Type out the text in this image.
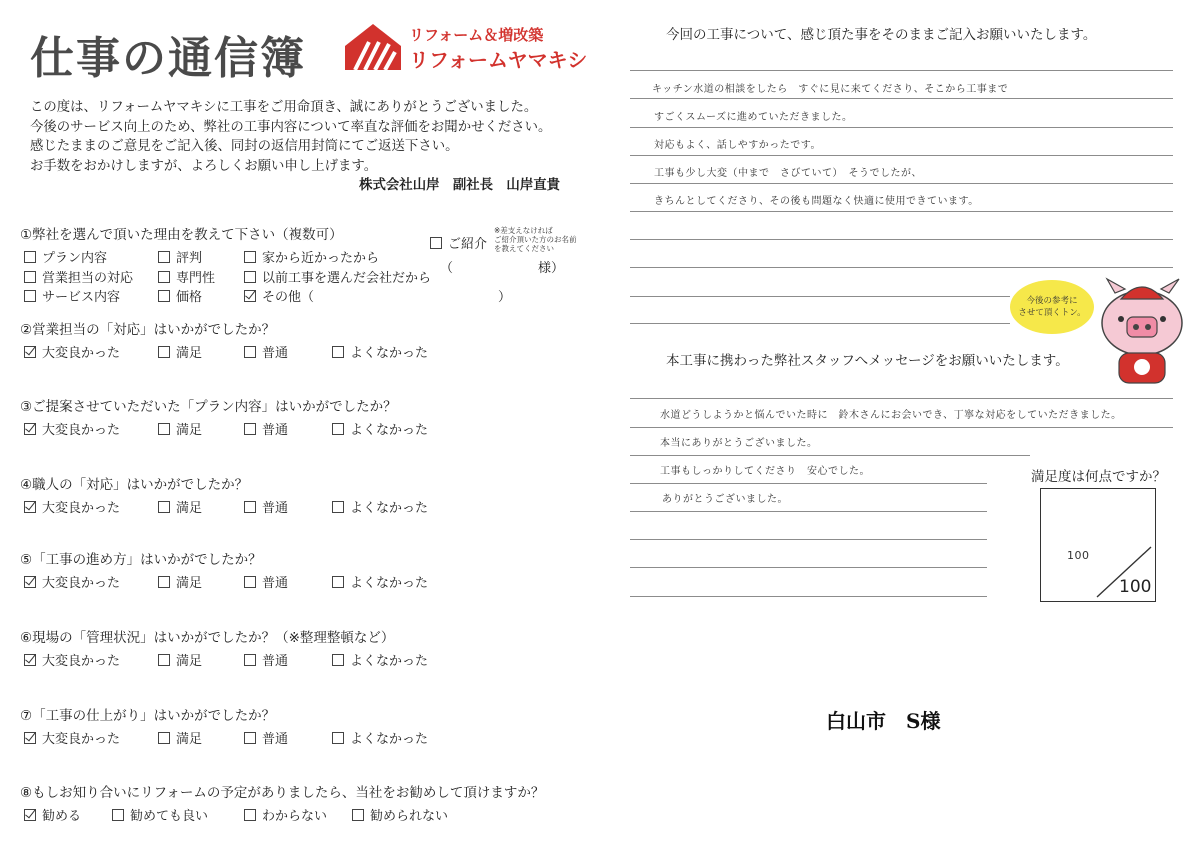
仕事の通信簿	リフォーム＆増改築
リフォームヤマキシ
この度は、リフォームヤマキシに工事をご用命頂き、誠にありがとうございました。
今後のサービス向上のため、弊社の工事内容について率直な評価をお聞かせください。
感じたままのご意見をご記入後、同封の返信用封筒にてご返送下さい。
お手数をおかけしますが、よろしくお願い申し上げます。
株式会社山岸　副社長　山岸直貴
①弊社を選んで頂いた理由を教えて下さい（複数可）
プラン内容	評判	家から近かったから
営業担当の対応	専門性	以前工事を選んだ会社だから
サービス内容	価格	その他（	）
ご紹介
※差支えなければ
ご紹介頂いた方のお名前
を教えてください
（	様）
②営業担当の「対応」はいかがでしたか？
大変良かった	満足	普通	よくなかった
③ご提案させていただいた「プラン内容」はいかがでしたか？
大変良かった	満足	普通	よくなかった
④職人の「対応」はいかがでしたか？
大変良かった	満足	普通	よくなかった
⑤「工事の進め方」はいかがでしたか？
大変良かった	満足	普通	よくなかった
⑥現場の「管理状況」はいかがでしたか？（※整理整頓など）
大変良かった	満足	普通	よくなかった
⑦「工事の仕上がり」はいかがでしたか？
大変良かった	満足	普通	よくなかった
⑧もしお知り合いにリフォームの予定がありましたら、当社をお勧めして頂けますか？
勧める	勧めても良い	わからない	勧められない
今回の工事について、感じ頂た事をそのままご記入お願いいたします。
キッチン水道の相談をしたら　すぐに見に来てくださり、そこから工事まで
すごくスムーズに進めていただきました。
対応もよく、話しやすかったです。
工事も少し大変（中まで　さびていて）　そうでしたが、
きちんとしてくださり、その後も問題なく快適に使用できています。
今後の参考に
させて頂くトン。
本工事に携わった弊社スタッフへメッセージをお願いいたします。
水道どうしようかと悩んでいた時に　鈴木さんにお会いでき、丁寧な対応をしていただきました。
本当にありがとうございました。
工事もしっかりしてくださり　安心でした。
ありがとうございました。
満足度は何点ですか？
100
100
白山市　S様
